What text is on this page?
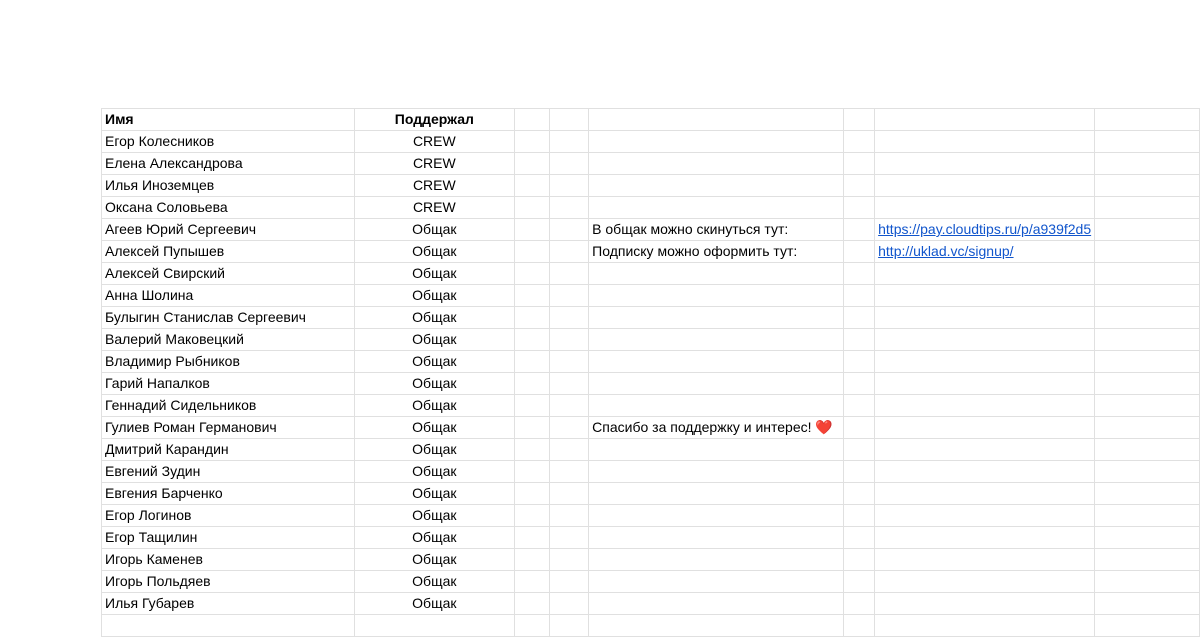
Имя	Поддержал						
Егор Колесников	CREW						
Елена Александрова	CREW						
Илья Иноземцев	CREW						
Оксана Соловьева	CREW						
Агеев Юрий Сергеевич	Общак			В общак можно скинуться тут:		https://pay.cloudtips.ru/p/a939f2d5	
Алексей Пупышев	Общак			Подписку можно оформить тут:		http://uklad.vc/signup/	
Алексей Свирский	Общак						
Анна Шолина	Общак						
Булыгин Станислав Сергеевич	Общак						
Валерий Маковецкий	Общак						
Владимир Рыбников	Общак						
Гарий Напалков	Общак						
Геннадий Сидельников	Общак						
Гулиев Роман Германович	Общак			Спасибо за поддержку и интерес! ❤️			
Дмитрий Карандин	Общак						
Евгений Зудин	Общак						
Евгения Барченко	Общак						
Егор Логинов	Общак						
Егор Тащилин	Общак						
Игорь Каменев	Общак						
Игорь Польдяев	Общак						
Илья Губарев	Общак						
